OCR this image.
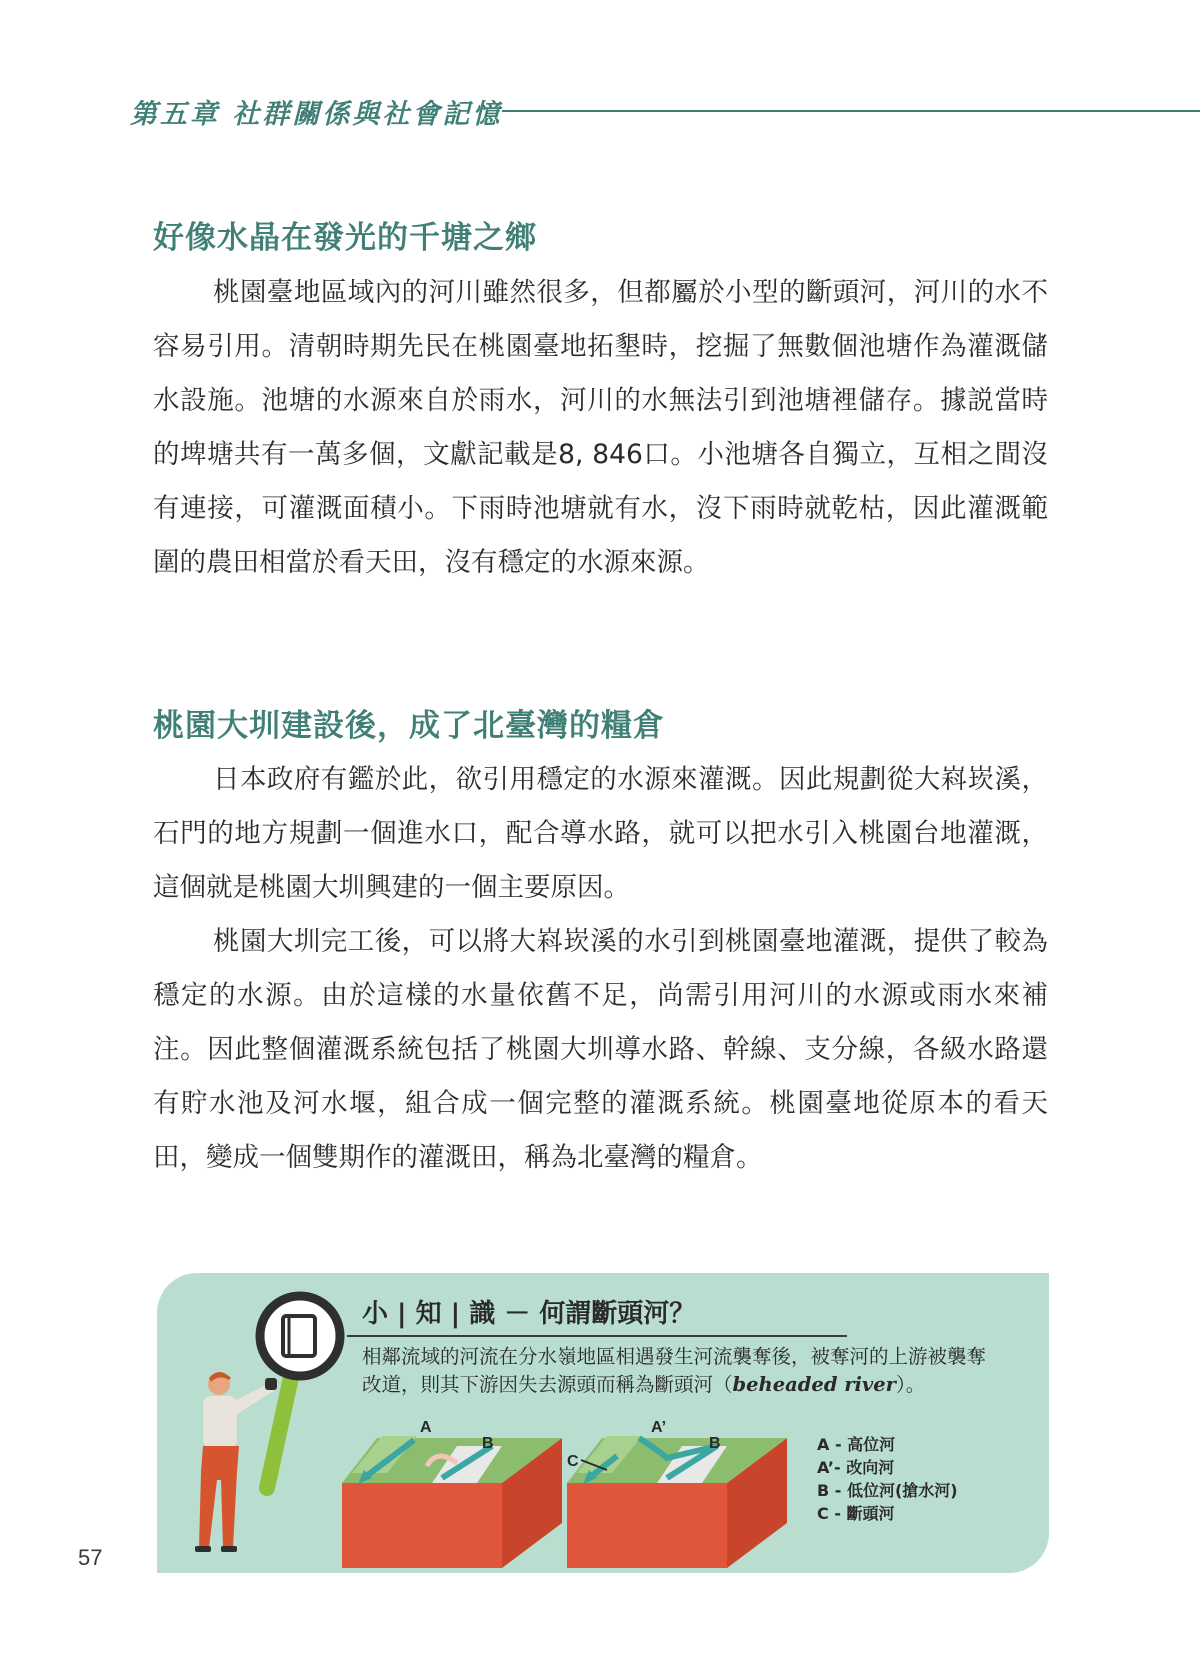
第五章 社群關係與社會記憶
好像水晶在發光的千塘之鄉

桃園臺地區域內的河川雖然很多，但都屬於小型的斷頭河，河川的水不容易引用。清朝時期先民在桃園臺地拓墾時，挖掘了無數個池塘作為灌溉儲水設施。池塘的水源來自於雨水，河川的水無法引到池塘裡儲存。據説當時的埤塘共有一萬多個，文獻記載是8, 846口。小池塘各自獨立，互相之間沒有連接，可灌溉面積小。下雨時池塘就有水，沒下雨時就乾枯，因此灌溉範圍的農田相當於看天田，沒有穩定的水源來源。

桃園大圳建設後，成了北臺灣的糧倉

日本政府有鑑於此，欲引用穩定的水源來灌溉。因此規劃從大嵙崁溪，石門的地方規劃一個進水口，配合導水路，就可以把水引入桃園台地灌溉，這個就是桃園大圳興建的一個主要原因。

桃園大圳完工後，可以將大嵙崁溪的水引到桃園臺地灌溉，提供了較為穩定的水源。由於這樣的水量依舊不足，尚需引用河川的水源或雨水來補注。因此整個灌溉系統包括了桃園大圳導水路、幹線、支分線，各級水路還有貯水池及河水堰，組合成一個完整的灌溉系統。桃園臺地從原本的看天田，變成一個雙期作的灌溉田，稱為北臺灣的糧倉。

小 | 知 | 識 － 何謂斷頭河？

相鄰流域的河流在分水嶺地區相遇發生河流襲奪後，被奪河的上游被襲奪改道，則其下游因失去源頭而稱為斷頭河（beheaded river）。

A
B
A’
B
C
A - 高位河
A’- 改向河
B - 低位河(搶水河)
C - 斷頭河
57
